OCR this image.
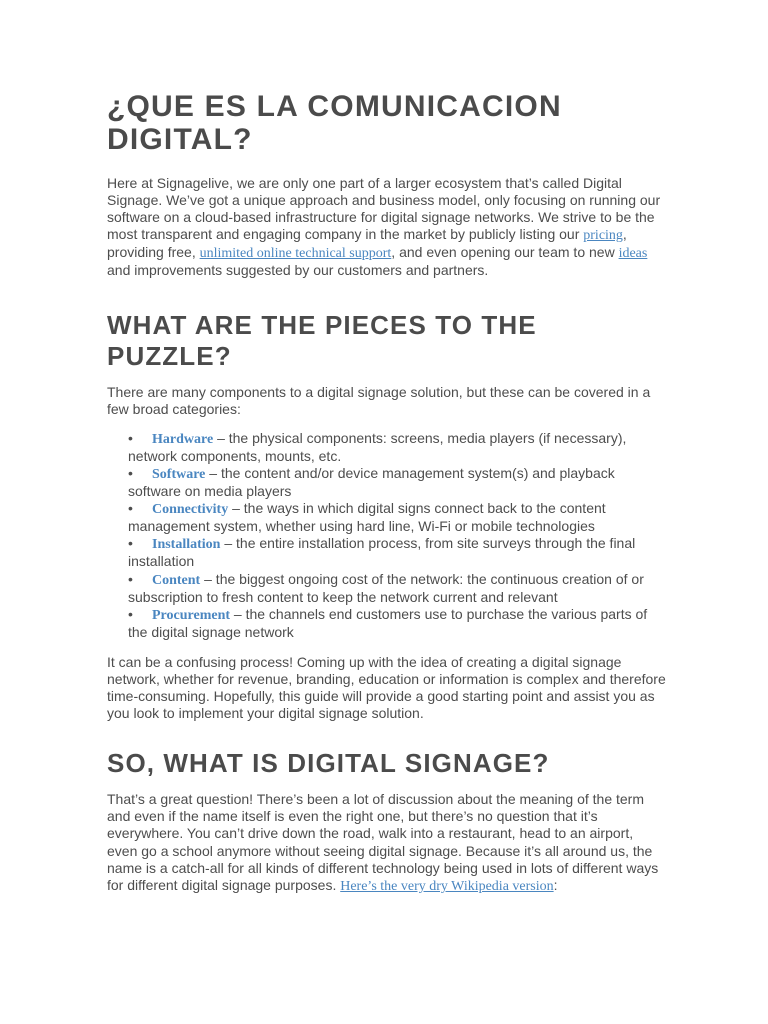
¿QUE ES LA COMUNICACION DIGITAL?

Here at Signagelive, we are only one part of a larger ecosystem that’s called Digital Signage. We’ve got a unique approach and business model, only focusing on running our software on a cloud-based infrastructure for digital signage networks. We strive to be the most transparent and engaging company in the market by publicly listing our pricing, providing free, unlimited online technical support, and even opening our team to new ideas and improvements suggested by our customers and partners.

WHAT ARE THE PIECES TO THE PUZZLE?

There are many components to a digital signage solution, but these can be covered in a few broad categories:

• Hardware – the physical components: screens, media players (if necessary), network components, mounts, etc.
• Software – the content and/or device management system(s) and playback software on media players
• Connectivity – the ways in which digital signs connect back to the content management system, whether using hard line, Wi-Fi or mobile technologies
• Installation – the entire installation process, from site surveys through the final installation
• Content – the biggest ongoing cost of the network: the continuous creation of or subscription to fresh content to keep the network current and relevant
• Procurement – the channels end customers use to purchase the various parts of the digital signage network

It can be a confusing process! Coming up with the idea of creating a digital signage network, whether for revenue, branding, education or information is complex and therefore time-consuming. Hopefully, this guide will provide a good starting point and assist you as you look to implement your digital signage solution.

SO, WHAT IS DIGITAL SIGNAGE?

That’s a great question! There’s been a lot of discussion about the meaning of the term and even if the name itself is even the right one, but there’s no question that it’s everywhere. You can’t drive down the road, walk into a restaurant, head to an airport, even go a school anymore without seeing digital signage. Because it’s all around us, the name is a catch-all for all kinds of different technology being used in lots of different ways for different digital signage purposes. Here’s the very dry Wikipedia version:
